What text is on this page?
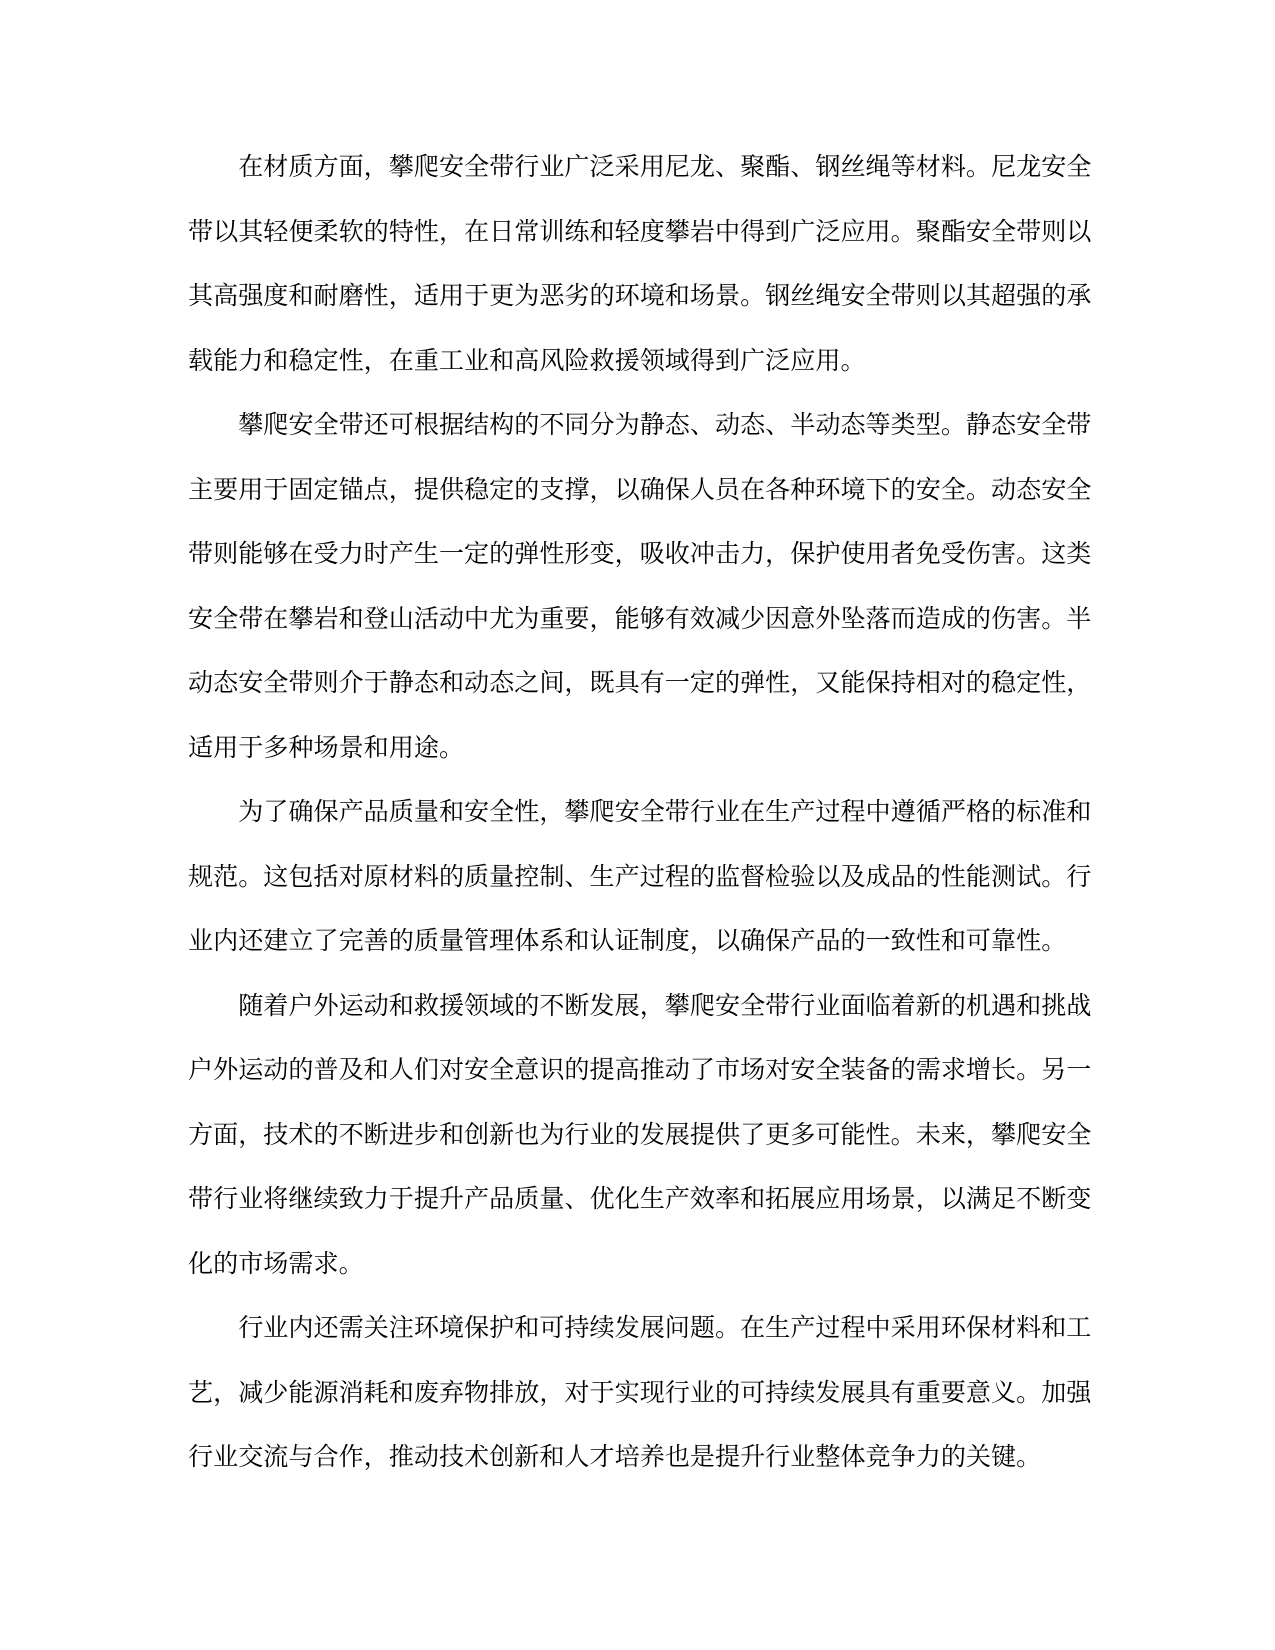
在材质方面，攀爬安全带行业广泛采用尼龙、聚酯、钢丝绳等材料。尼龙安全
带以其轻便柔软的特性，在日常训练和轻度攀岩中得到广泛应用。聚酯安全带则以
其高强度和耐磨性，适用于更为恶劣的环境和场景。钢丝绳安全带则以其超强的承
载能力和稳定性，在重工业和高风险救援领域得到广泛应用。

攀爬安全带还可根据结构的不同分为静态、动态、半动态等类型。静态安全带
主要用于固定锚点，提供稳定的支撑，以确保人员在各种环境下的安全。动态安全
带则能够在受力时产生一定的弹性形变，吸收冲击力，保护使用者免受伤害。这类
安全带在攀岩和登山活动中尤为重要，能够有效减少因意外坠落而造成的伤害。半
动态安全带则介于静态和动态之间，既具有一定的弹性，又能保持相对的稳定性，
适用于多种场景和用途。

为了确保产品质量和安全性，攀爬安全带行业在生产过程中遵循严格的标准和
规范。这包括对原材料的质量控制、生产过程的监督检验以及成品的性能测试。行
业内还建立了完善的质量管理体系和认证制度，以确保产品的一致性和可靠性。

随着户外运动和救援领域的不断发展，攀爬安全带行业面临着新的机遇和挑战
户外运动的普及和人们对安全意识的提高推动了市场对安全装备的需求增长。另一
方面，技术的不断进步和创新也为行业的发展提供了更多可能性。未来，攀爬安全
带行业将继续致力于提升产品质量、优化生产效率和拓展应用场景，以满足不断变
化的市场需求。

行业内还需关注环境保护和可持续发展问题。在生产过程中采用环保材料和工
艺，减少能源消耗和废弃物排放，对于实现行业的可持续发展具有重要意义。加强
行业交流与合作，推动技术创新和人才培养也是提升行业整体竞争力的关键。
